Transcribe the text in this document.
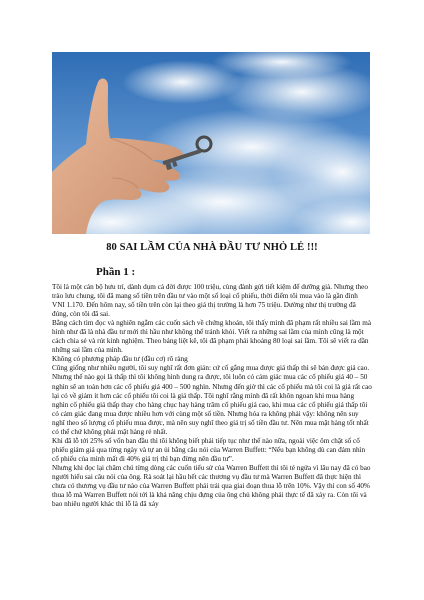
80 SAI LẦM CỦA NHÀ ĐẦU TƯ NHỎ LẺ !!!
Phần 1 :

Tôi là một cán bộ hưu trí, dành dụm cả đời được 100 triệu, cùng đành gửi tiết kiệm để dưỡng già. Nhưng theo trào lưu chung, tôi đã mang số tiền trên đầu tư vào một số loại cổ phiếu, thời điểm tôi mua vào là gần đỉnh VNI 1.170. Đến hôm nay, số tiền trên còn lại theo giá thị trường là hơn 75 triệu. Dường như thị trường đã đúng, còn tôi đã sai.

Bằng cách tìm đọc và nghiên ngẫm các cuốn sách về chứng khoán, tôi thấy mình đã phạm rất nhiều sai lầm mà hình như đã là nhà đầu tư mới thì hầu như không thể tránh khỏi. Viết ra những sai lầm của mình cũng là một cách chia sẻ và rút kinh nghiệm. Theo bảng liệt kê, tôi đã phạm phải khoảng 80 loại sai lầm. Tôi sẽ viết ra dần những sai lầm của mình.

Không có phương pháp đầu tư (đầu cơ) rõ ràng

Cũng giống như nhiều người, tôi suy nghĩ rất đơn giản: cứ cố gắng mua được giá thấp thì sẽ bán được giá cao. Nhưng thế nào gọi là thấp thì tôi không hình dung ra được, tôi luôn có cảm giác mua các cổ phiếu giá 40 – 50 nghìn sẽ an toàn hơn các cổ phiếu giá 400 – 500 nghìn. Nhưng đến giờ thì các cổ phiếu mà tôi coi là giá rất cao lại có về giảm ít hơn các cổ phiếu tôi coi là giá thấp. Tôi nghĩ rằng mình đã rất khôn ngoan khi mua hàng nghìn cổ phiếu giá thấp thay cho hàng chục hay hàng trăm cổ phiếu giá cao, khi mua các cổ phiếu giá thấp tôi có cảm giác đang mua được nhiều hơn với cùng một số tiền. Nhưng hóa ra không phải vậy: không nên suy nghĩ theo số lượng cổ phiếu mua được, mà nên suy nghĩ theo giá trị số tiền đầu tư. Nên mua mặt hàng tốt nhất có thể chứ không phải mặt hàng rẻ nhất.

Khi đã lỗ tới 25% số vốn ban đầu thì tôi không biết phải tiếp tục như thế nào nữa, ngoài việc ôm chặt số cổ phiếu giảm giá qua từng ngày và tự an ủi bằng câu nói của Warren Buffett: “Nếu bạn không dù can đảm nhìn cổ phiếu của mình mất đi 40% giá trị thì bạn đừng nên đầu tư”.

Nhưng khi đọc lại chăm chú từng dòng các cuốn tiểu sử của Warren Buffett thì tôi té ngửa vì lâu nay đã có bao người hiểu sai câu nói của ông. Rà soát lại hầu hết các thương vụ đầu tư mà Warren Buffett đã thực hiện thì chưa có thương vụ đầu tư nào của Warren Buffett phải trải qua giai đoạn thua lỗ trên 10%. Vậy thì con số 40% thua lỗ mà Warren Buffett nói tới là khả năng chịu đựng của ông chủ không phải thực tế đã xảy ra. Còn tôi và bao nhiêu người khác thì lỗ là đã xảy
